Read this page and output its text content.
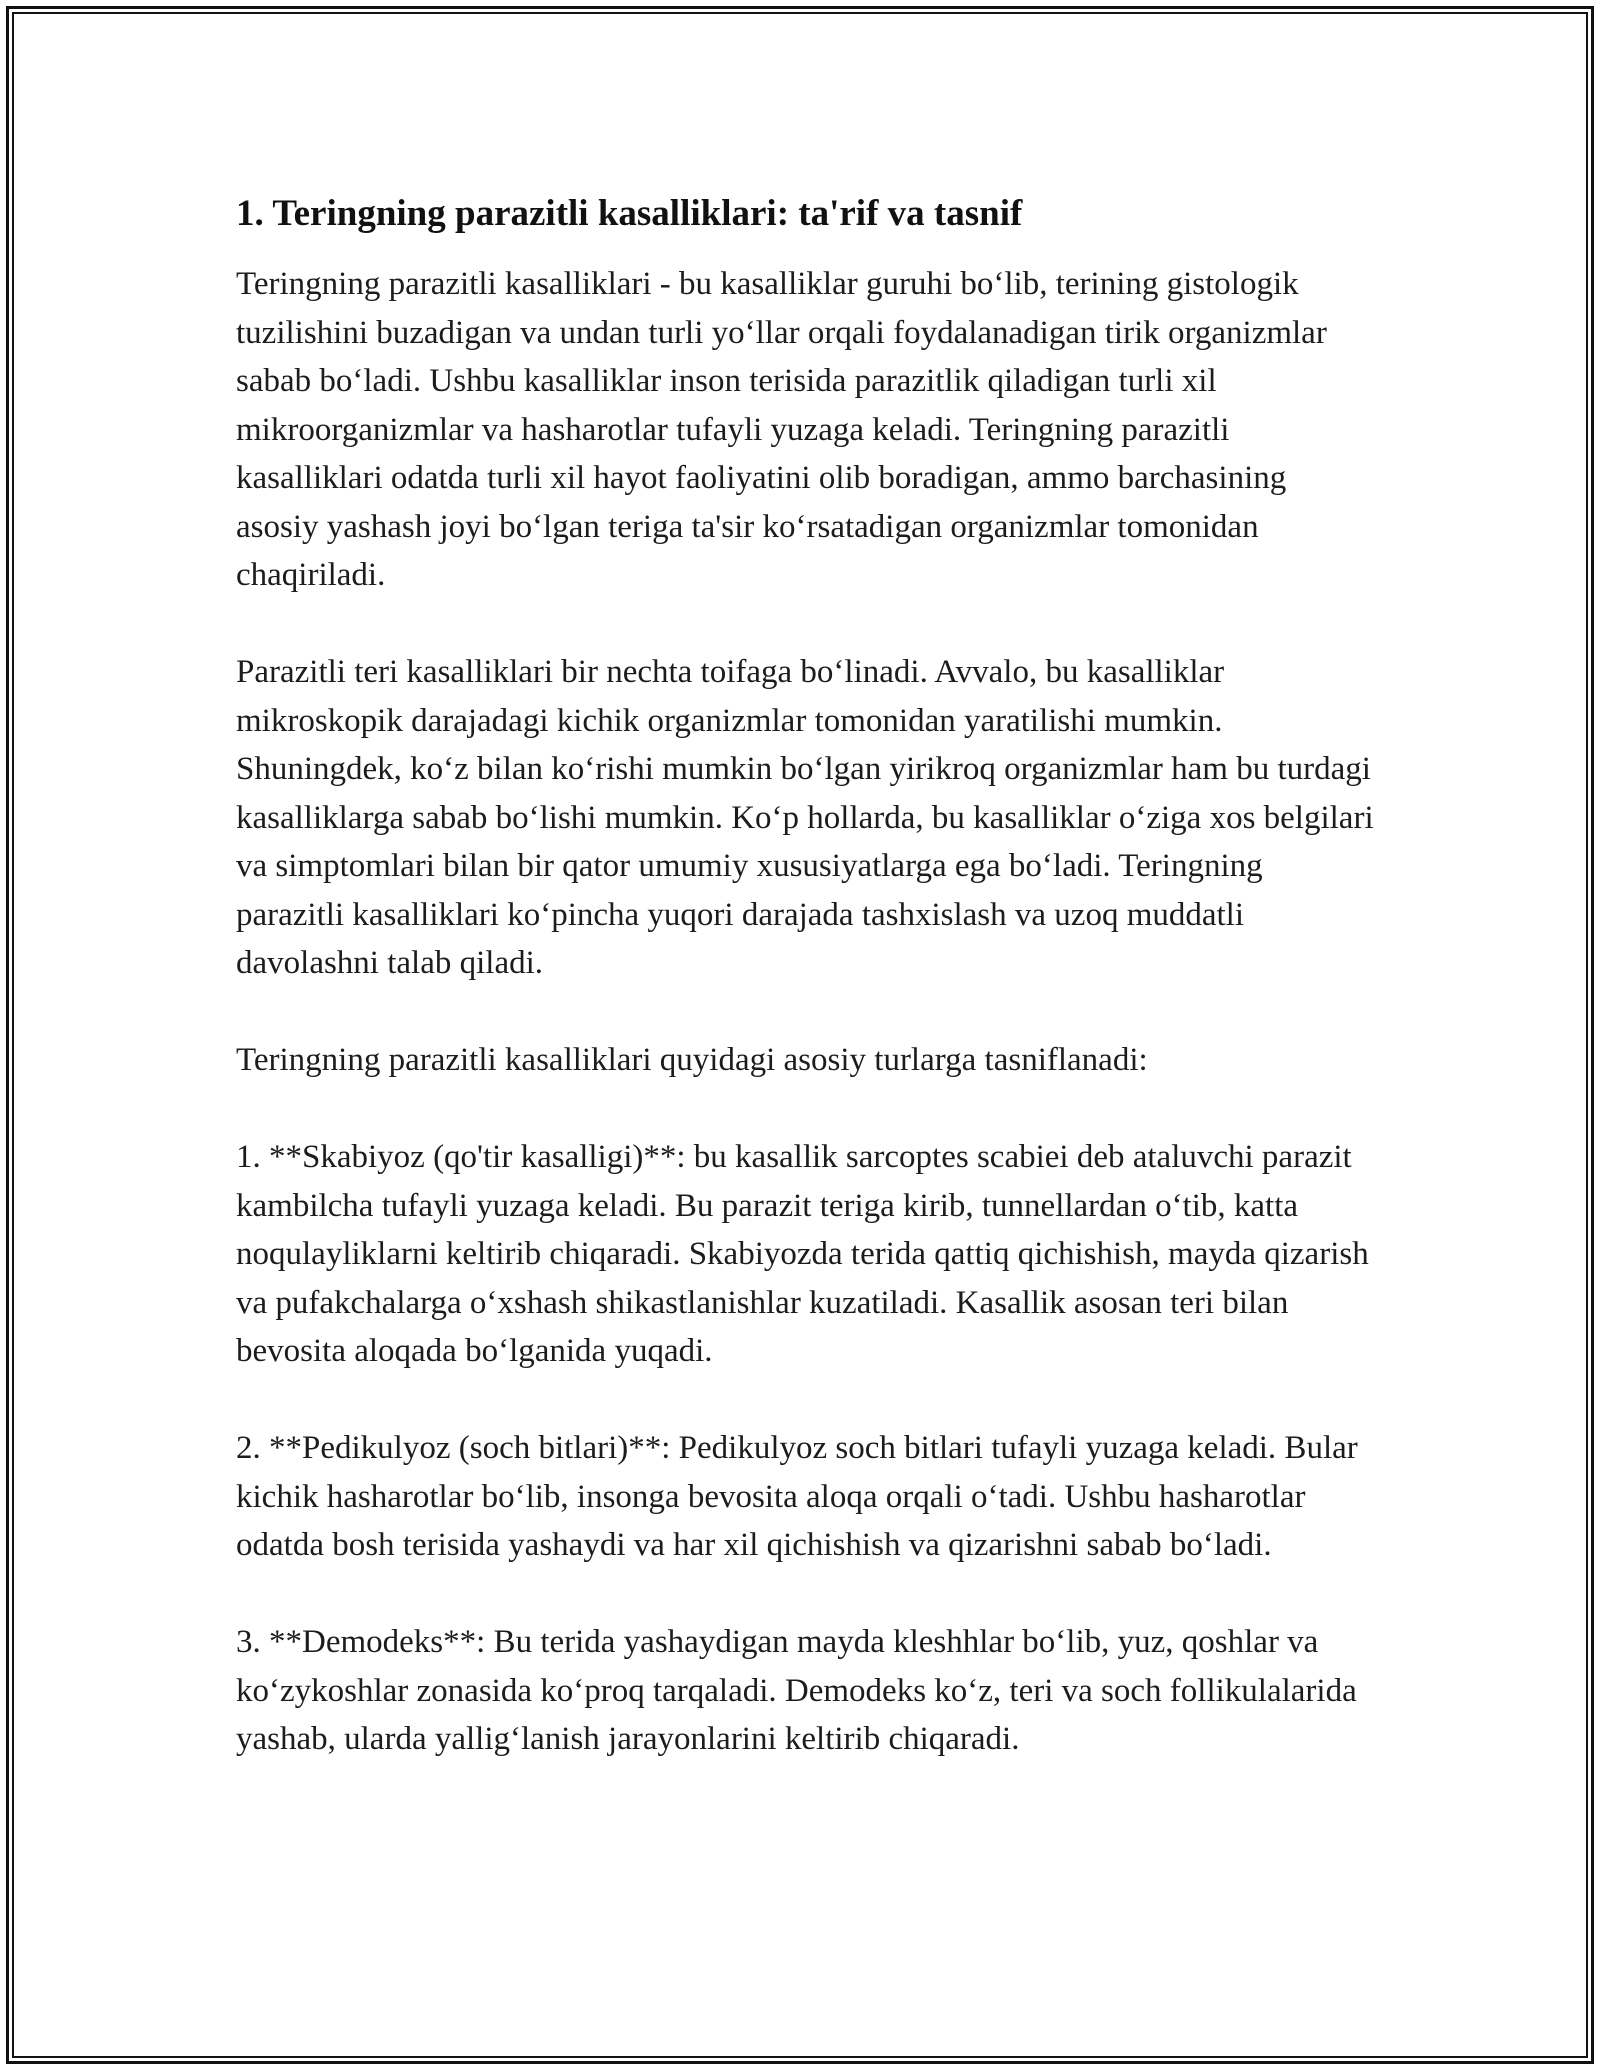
1. Teringning parazitli kasalliklari: ta'rif va tasnif

Teringning parazitli kasalliklari - bu kasalliklar guruhi boʻlib, terining gistologik tuzilishini buzadigan va undan turli yoʻllar orqali foydalanadigan tirik organizmlar sabab boʻladi. Ushbu kasalliklar inson terisida parazitlik qiladigan turli xil mikroorganizmlar va hasharotlar tufayli yuzaga keladi. Teringning parazitli kasalliklari odatda turli xil hayot faoliyatini olib boradigan, ammo barchasining asosiy yashash joyi boʻlgan teriga ta'sir koʻrsatadigan organizmlar tomonidan chaqiriladi.

Parazitli teri kasalliklari bir nechta toifaga boʻlinadi. Avvalo, bu kasalliklar mikroskopik darajadagi kichik organizmlar tomonidan yaratilishi mumkin. Shuningdek, koʻz bilan koʻrishi mumkin boʻlgan yirikroq organizmlar ham bu turdagi kasalliklarga sabab boʻlishi mumkin. Koʻp hollarda, bu kasalliklar oʻziga xos belgilari va simptomlari bilan bir qator umumiy xususiyatlarga ega boʻladi. Teringning parazitli kasalliklari koʻpincha yuqori darajada tashxislash va uzoq muddatli davolashni talab qiladi.

Teringning parazitli kasalliklari quyidagi asosiy turlarga tasniflanadi:

1. **Skabiyoz (qo'tir kasalligi)**: bu kasallik sarcoptes scabiei deb ataluvchi parazit kambilcha tufayli yuzaga keladi. Bu parazit teriga kirib, tunnellardan oʻtib, katta noqulayliklarni keltirib chiqaradi. Skabiyozda terida qattiq qichishish, mayda qizarish va pufakchalarga oʻxshash shikastlanishlar kuzatiladi. Kasallik asosan teri bilan bevosita aloqada boʻlganida yuqadi.

2. **Pedikulyoz (soch bitlari)**: Pedikulyoz soch bitlari tufayli yuzaga keladi. Bular kichik hasharotlar boʻlib, insonga bevosita aloqa orqali oʻtadi. Ushbu hasharotlar odatda bosh terisida yashaydi va har xil qichishish va qizarishni sabab boʻladi.

3. **Demodeks**: Bu terida yashaydigan mayda kleshhlar boʻlib, yuz, qoshlar va koʻzykoshlar zonasida koʻproq tarqaladi. Demodeks koʻz, teri va soch follikulalarida yashab, ularda yalligʻlanish jarayonlarini keltirib chiqaradi.
